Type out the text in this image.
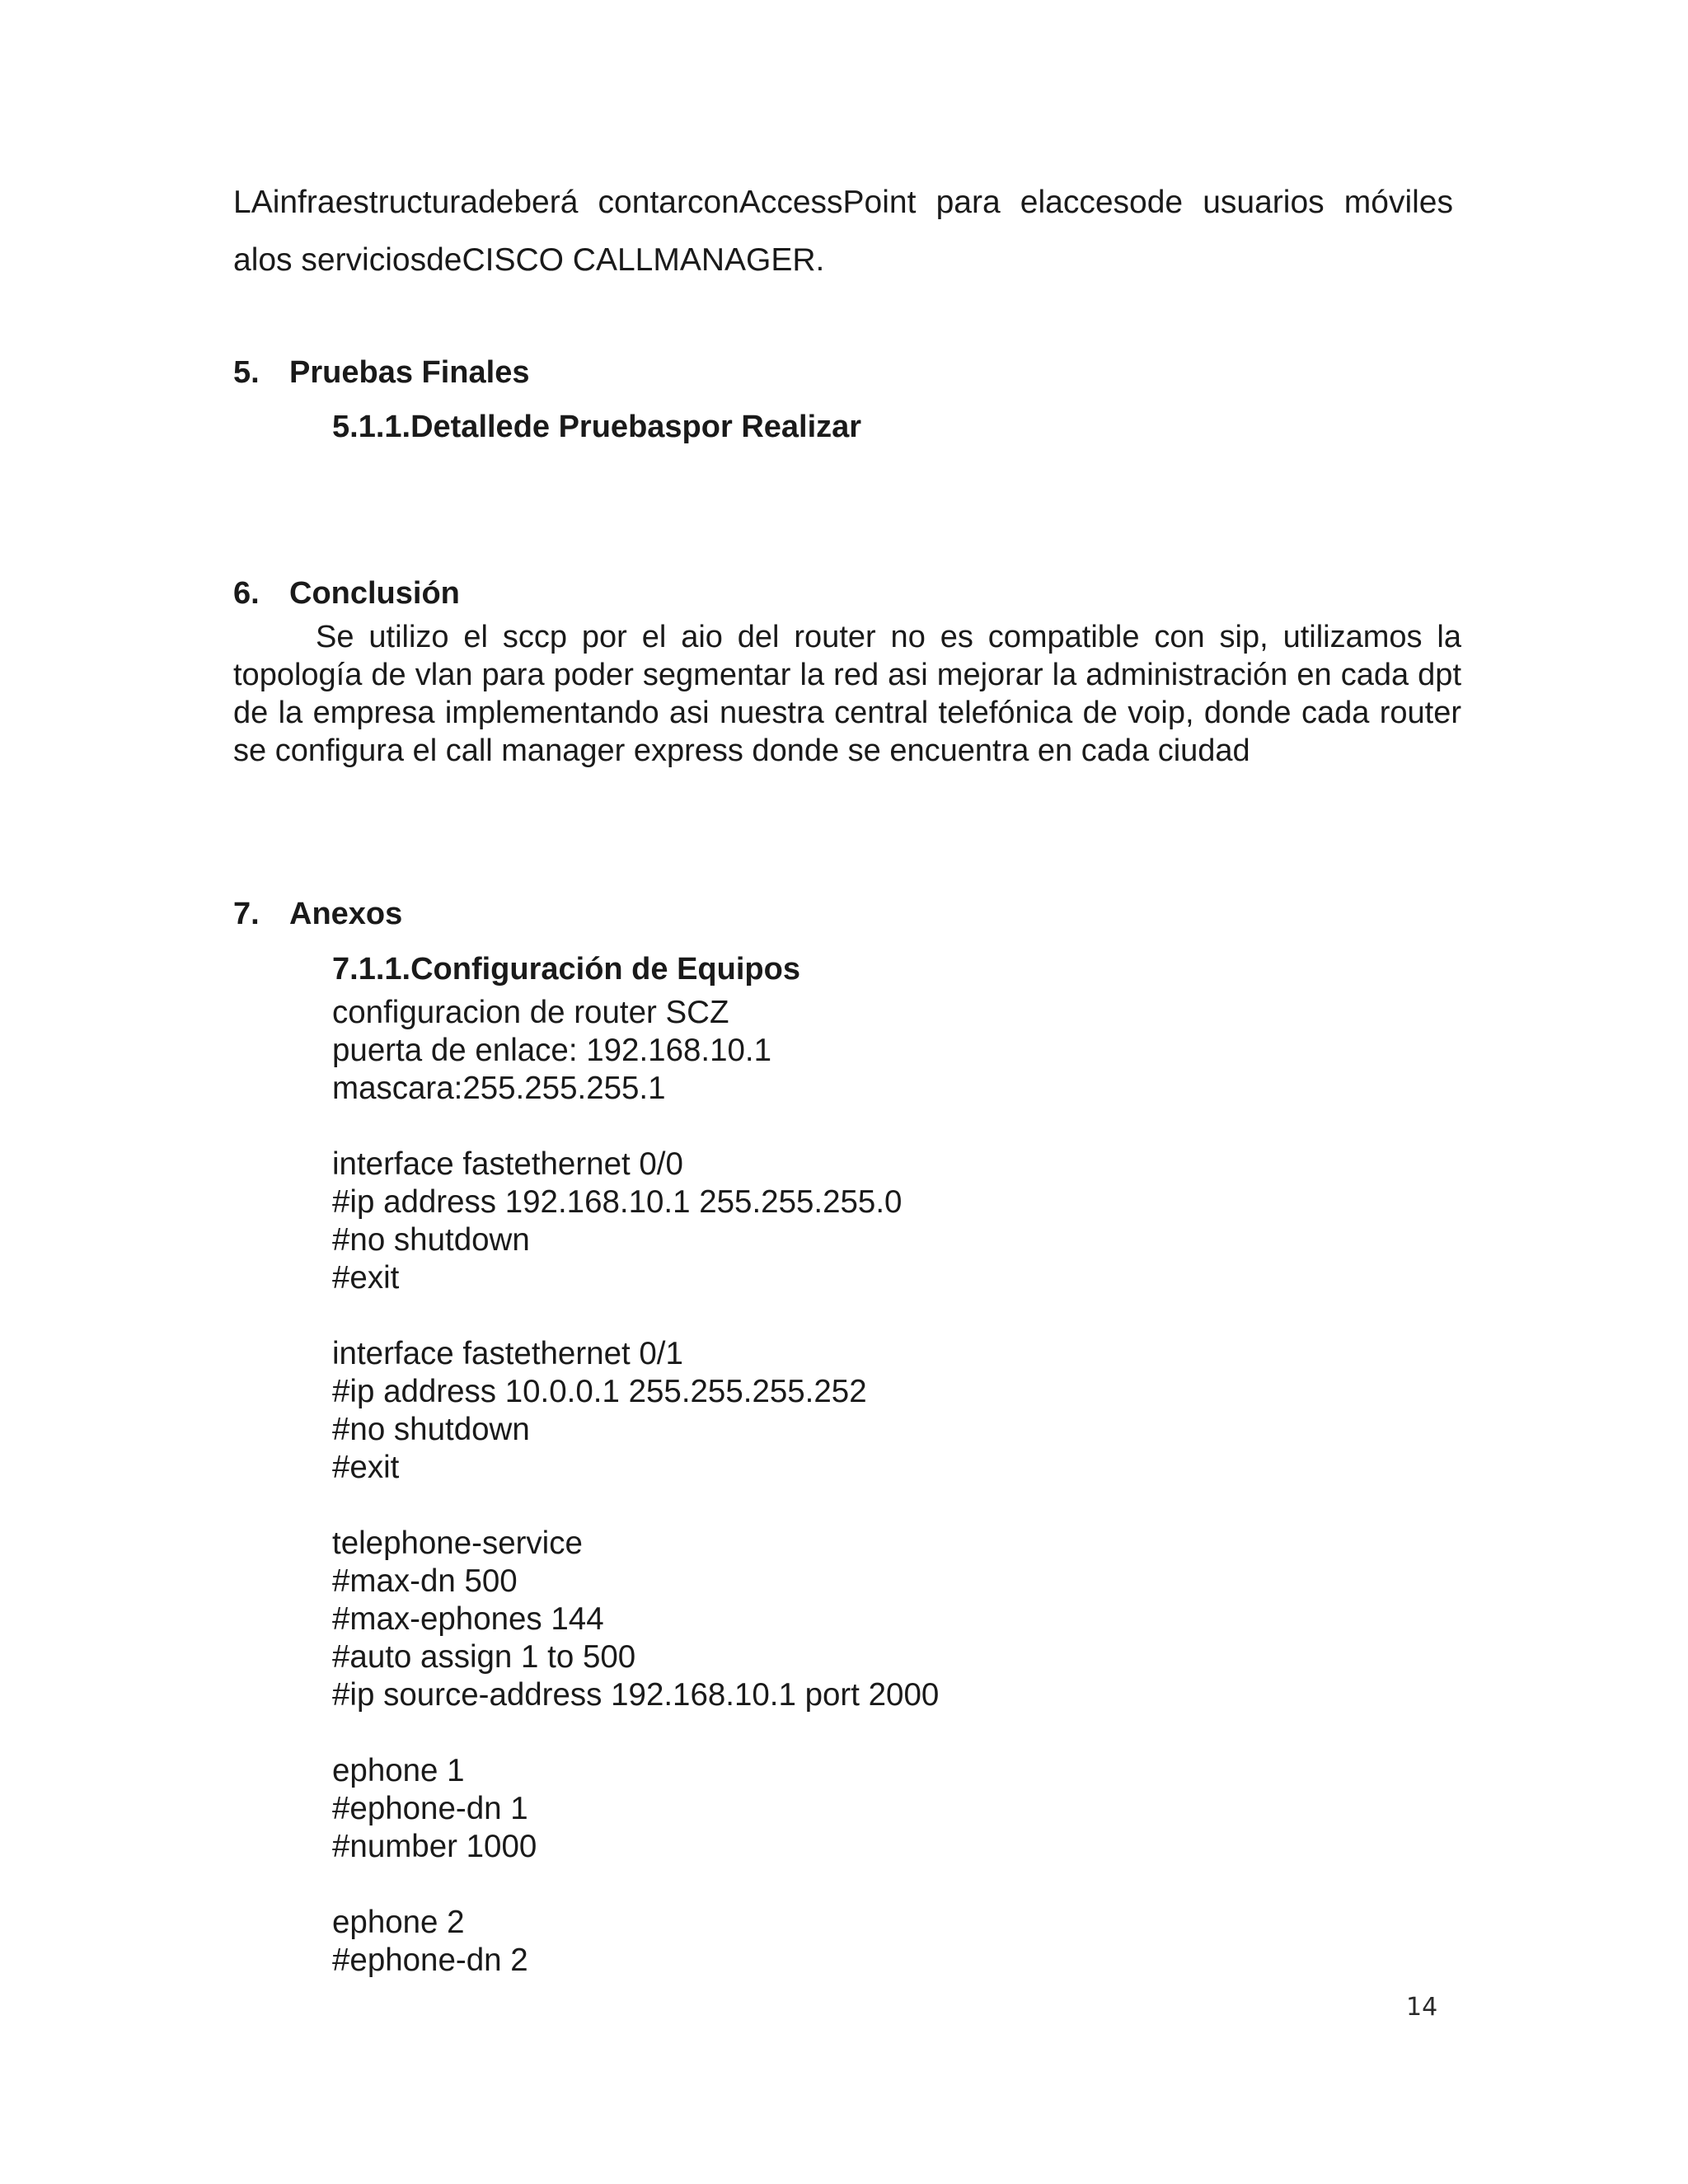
LAinfraestructuradeberá contarconAccessPoint para elaccesode usuarios móviles

alos serviciosdeCISCO CALLMANAGER.

5. Pruebas Finales
5.1.1.Detallede Pruebaspor Realizar
6. Conclusión

Se utilizo el sccp por el aio del router no es compatible con sip, utilizamos la topología de vlan para poder segmentar la red asi mejorar la administración en cada dpt de la empresa implementando asi nuestra central telefónica de voip, donde cada router se configura el call manager express donde se encuentra en cada ciudad

7. Anexos
7.1.1.Configuración de Equipos
configuracion de router SCZ
puerta de enlace: 192.168.10.1
mascara:255.255.255.1
interface fastethernet 0/0
#ip address 192.168.10.1 255.255.255.0
#no shutdown
#exit
interface fastethernet 0/1
#ip address 10.0.0.1 255.255.255.252
#no shutdown
#exit
telephone-service
#max-dn 500
#max-ephones 144
#auto assign 1 to 500
#ip source-address 192.168.10.1 port 2000
ephone 1
#ephone-dn 1
#number 1000
ephone 2
#ephone-dn 2

14
